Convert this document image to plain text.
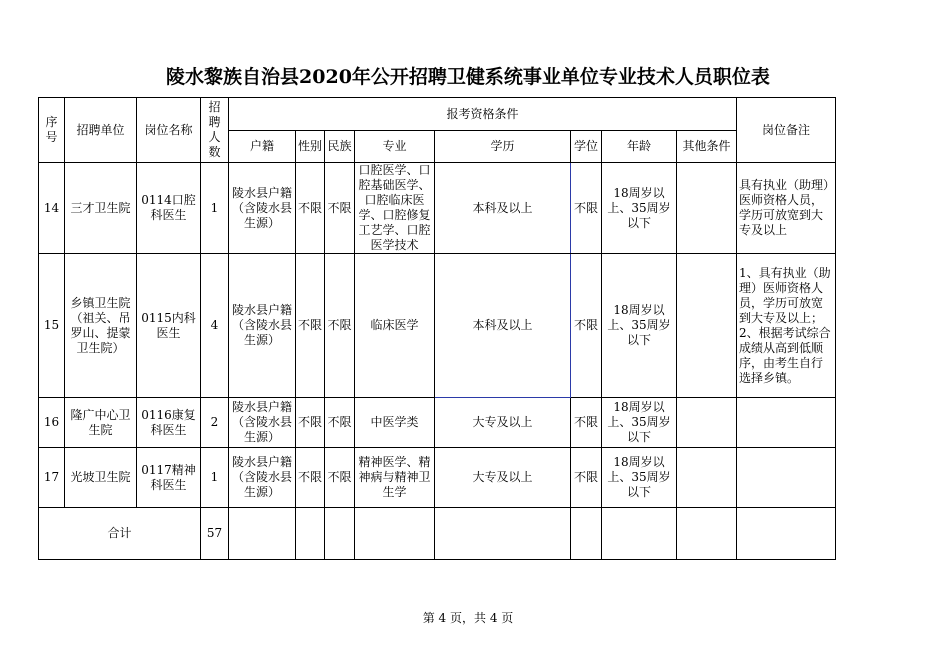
陵水黎族自治县2020年公开招聘卫健系统事业单位专业技术人员职位表
序号	招聘单位	岗位名称	招聘人数	报考资格条件								岗位备注
				户籍	性别	民族	专业	学历	学位	年龄	其他条件	
14	三才卫生院	0114口腔科医生	1	陵水县户籍（含陵水县生源）	不限	不限	口腔医学、口腔基础医学、口腔临床医学、口腔修复工艺学、口腔医学技术	本科及以上	不限	18周岁以上、35周岁以下		具有执业（助理）医师资格人员，学历可放宽到大专及以上
15	乡镇卫生院（祖关、吊罗山、提蒙卫生院）	0115内科医生	4	陵水县户籍（含陵水县生源）	不限	不限	临床医学	本科及以上	不限	18周岁以上、35周岁以下		1、具有执业（助理）医师资格人员，学历可放宽到大专及以上；2、根据考试综合成绩从高到低顺序，由考生自行选择乡镇。
16	隆广中心卫生院	0116康复科医生	2	陵水县户籍（含陵水县生源）	不限	不限	中医学类	大专及以上	不限	18周岁以上、35周岁以下		
17	光坡卫生院	0117精神科医生	1	陵水县户籍（含陵水县生源）	不限	不限	精神医学、精神病与精神卫生学	大专及以上	不限	18周岁以上、35周岁以下		
合计			57									
第 4 页，共 4 页
